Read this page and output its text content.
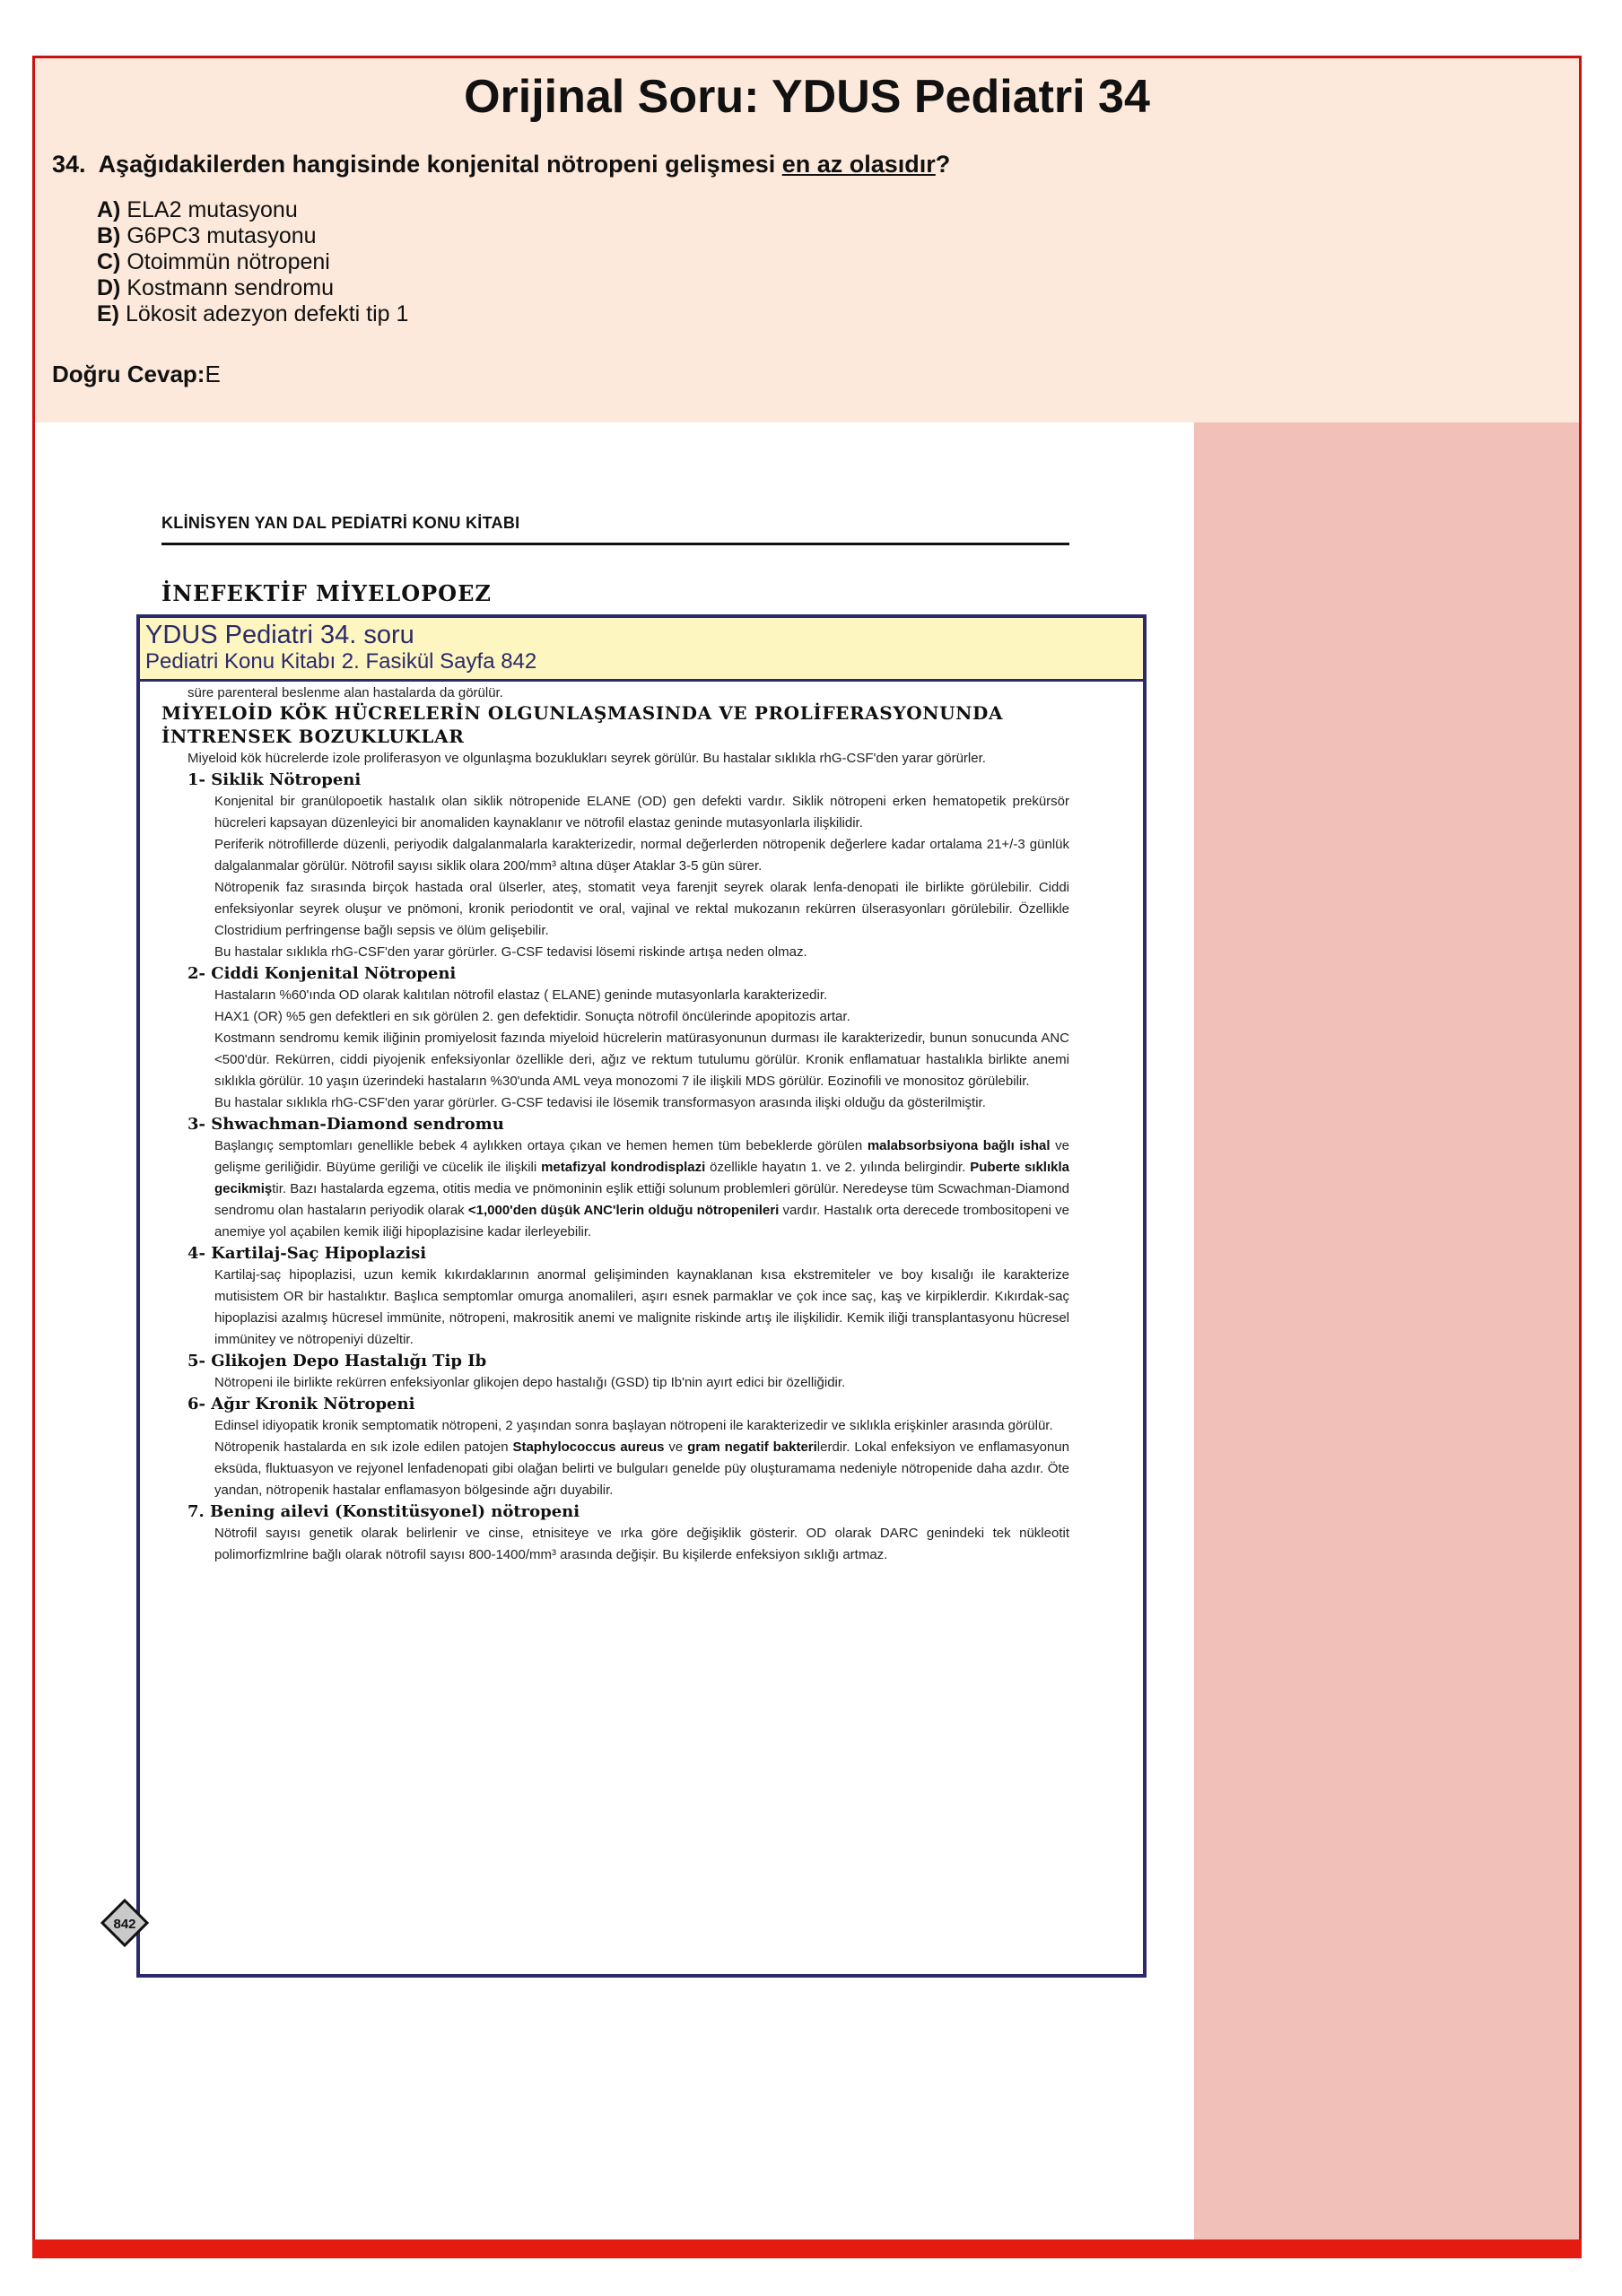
Orijinal Soru: YDUS Pediatri 34
34. Aşağıdakilerden hangisinde konjenital nötropeni gelişmesi en az olasıdır?
A) ELA2 mutasyonu
B) G6PC3 mutasyonu
C) Otoimmün nötropeni
D) Kostmann sendromu
E) Lökosit adezyon defekti tip 1
Doğru Cevap:E
KLİNİSYEN YAN DAL PEDİATRİ KONU KİTABI
İNEFEKTİF MİYELOPOEZ
YDUS Pediatri 34. soru
Pediatri Konu Kitabı 2. Fasikül Sayfa 842

süre parenteral beslenme alan hastalarda da görülür.

MİYELOİD KÖK HÜCRELERİN OLGUNLAŞMASINDA VE PROLİFERASYONUNDA
İNTRENSEK BOZUKLUKLAR

Miyeloid kök hücrelerde izole proliferasyon ve olgunlaşma bozuklukları seyrek görülür. Bu hastalar sıklıkla rhG-CSF'den yarar görürler.

1- Siklik Nötropeni

Konjenital bir granülopoetik hastalık olan siklik nötropenide ELANE (OD) gen defekti vardır. Siklik nötropeni erken hematopetik prekürsör hücreleri kapsayan düzenleyici bir anomaliden kaynaklanır ve nötrofil elastaz geninde mutasyonlarla ilişkilidir.

Periferik nötrofillerde düzenli, periyodik dalgalanmalarla karakterizedir, normal değerlerden nötropenik değerlere kadar ortalama 21+/-3 günlük dalgalanmalar görülür. Nötrofil sayısı siklik olara 200/mm³ altına düşer Ataklar 3-5 gün sürer.

Nötropenik faz sırasında birçok hastada oral ülserler, ateş, stomatit veya farenjit seyrek olarak lenfa-denopati ile birlikte görülebilir. Ciddi enfeksiyonlar seyrek oluşur ve pnömoni, kronik periodontit ve oral, vajinal ve rektal mukozanın rekürren ülserasyonları görülebilir. Özellikle Clostridium perfringense bağlı sepsis ve ölüm gelişebilir.

Bu hastalar sıklıkla rhG-CSF'den yarar görürler. G-CSF tedavisi lösemi riskinde artışa neden olmaz.

2- Ciddi Konjenital Nötropeni

Hastaların %60'ında OD olarak kalıtılan nötrofil elastaz ( ELANE) geninde mutasyonlarla karakterizedir.

HAX1 (OR) %5 gen defektleri en sık görülen 2. gen defektidir. Sonuçta nötrofil öncülerinde apopitozis artar.

Kostmann sendromu kemik iliğinin promiyelosit fazında miyeloid hücrelerin matürasyonunun durması ile karakterizedir, bunun sonucunda ANC <500'dür. Rekürren, ciddi piyojenik enfeksiyonlar özellikle deri, ağız ve rektum tutulumu görülür. Kronik enflamatuar hastalıkla birlikte anemi sıklıkla görülür. 10 yaşın üzerindeki hastaların %30'unda AML veya monozomi 7 ile ilişkili MDS görülür. Eozinofili ve monositoz görülebilir.

Bu hastalar sıklıkla rhG-CSF'den yarar görürler. G-CSF tedavisi ile lösemik transformasyon arasında ilişki olduğu da gösterilmiştir.

3- Shwachman-Diamond sendromu

Başlangıç semptomları genellikle bebek 4 aylıkken ortaya çıkan ve hemen hemen tüm bebeklerde görülen malabsorbsiyona bağlı ishal ve gelişme geriliğidir. Büyüme geriliği ve cücelik ile ilişkili metafizyal kondrodisplazi özellikle hayatın 1. ve 2. yılında belirgindir. Puberte sıklıkla gecikmiştir. Bazı hastalarda egzema, otitis media ve pnömoninin eşlik ettiği solunum problemleri görülür. Neredeyse tüm Scwachman-Diamond sendromu olan hastaların periyodik olarak <1,000'den düşük ANC'lerin olduğu nötropenileri vardır. Hastalık orta derecede trombositopeni ve anemiye yol açabilen kemik iliği hipoplazisine kadar ilerleyebilir.

4- Kartilaj-Saç Hipoplazisi

Kartilaj-saç hipoplazisi, uzun kemik kıkırdaklarının anormal gelişiminden kaynaklanan kısa ekstremiteler ve boy kısalığı ile karakterize mutisistem OR bir hastalıktır. Başlıca semptomlar omurga anomalileri, aşırı esnek parmaklar ve çok ince saç, kaş ve kirpiklerdir. Kıkırdak-saç hipoplazisi azalmış hücresel immünite, nötropeni, makrositik anemi ve malignite riskinde artış ile ilişkilidir. Kemik iliği transplantasyonu hücresel immünitey ve nötropeniyi düzeltir.

5- Glikojen Depo Hastalığı Tip Ib

Nötropeni ile birlikte rekürren enfeksiyonlar glikojen depo hastalığı (GSD) tip Ib'nin ayırt edici bir özelliğidir.

6- Ağır Kronik Nötropeni

Edinsel idiyopatik kronik semptomatik nötropeni, 2 yaşından sonra başlayan nötropeni ile karakterizedir ve sıklıkla erişkinler arasında görülür.

Nötropenik hastalarda en sık izole edilen patojen Staphylococcus aureus ve gram negatif bakterilerdir. Lokal enfeksiyon ve enflamasyonun eksüda, fluktuasyon ve rejyonel lenfadenopati gibi olağan belirti ve bulguları genelde püy oluşturamama nedeniyle nötropenide daha azdır. Öte yandan, nötropenik hastalar enflamasyon bölgesinde ağrı duyabilir.

7. Bening ailevi (Konstitüsyonel) nötropeni

Nötrofil sayısı genetik olarak belirlenir ve cinse, etnisiteye ve ırka göre değişiklik gösterir. OD olarak DARC genindeki tek nükleotit polimorfizmlrine bağlı olarak nötrofil sayısı 800-1400/mm³ arasında değişir. Bu kişilerde enfeksiyon sıklığı artmaz.

842
